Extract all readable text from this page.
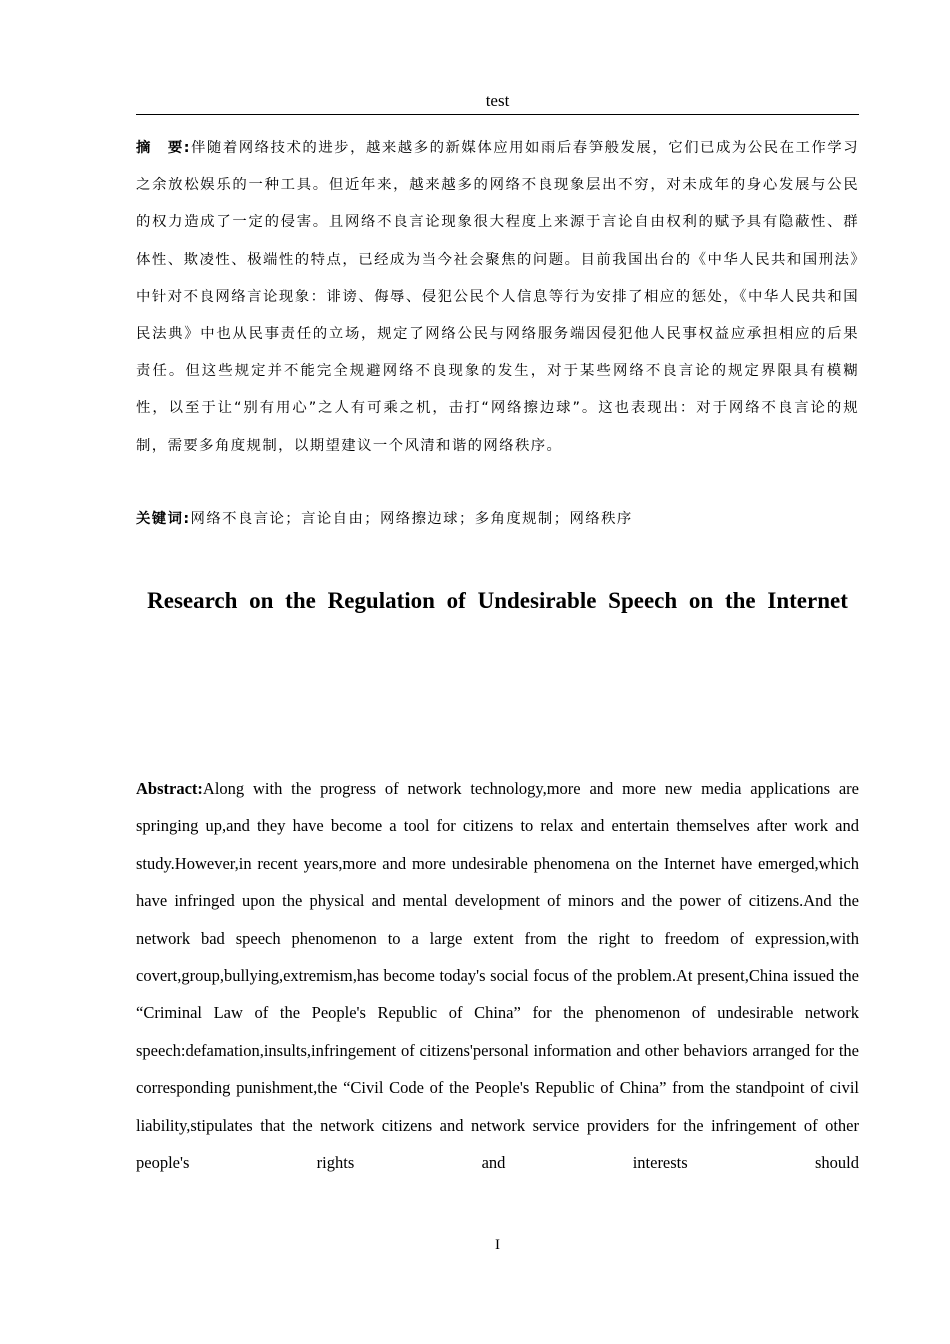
test

摘　要:伴随着网络技术的进步，越来越多的新媒体应用如雨后春笋般发展，它们已成为公民在工作学习之余放松娱乐的一种工具。但近年来，越来越多的网络不良现象层出不穷，对未成年的身心发展与公民的权力造成了一定的侵害。且网络不良言论现象很大程度上来源于言论自由权利的赋予具有隐蔽性、群体性、欺凌性、极端性的特点，已经成为当今社会聚焦的问题。目前我国出台的《中华人民共和国刑法》中针对不良网络言论现象：诽谤、侮辱、侵犯公民个人信息等行为安排了相应的惩处，《中华人民共和国民法典》中也从民事责任的立场，规定了网络公民与网络服务端因侵犯他人民事权益应承担相应的后果责任。但这些规定并不能完全规避网络不良现象的发生，对于某些网络不良言论的规定界限具有模糊性，以至于让“别有用心”之人有可乘之机，击打“网络擦边球”。这也表现出：对于网络不良言论的规制，需要多角度规制，以期望建议一个风清和谐的网络秩序。

关键词:网络不良言论；言论自由；网络擦边球；多角度规制；网络秩序

Research on the Regulation of Undesirable Speech on the Internet

Abstract:Along with the progress of network technology,more and more new media applications are springing up,and they have become a tool for citizens to relax and entertain themselves after work and study.However,in recent years,more and more undesirable phenomena on the Internet have emerged,which have infringed upon the physical and mental development of minors and the power of citizens.And the network bad speech phenomenon to a large extent from the right to freedom of expression,with covert,group,bullying,extremism,has become today's social focus of the problem.At present,China issued the “Criminal Law of the People's Republic of China” for the phenomenon of undesirable network speech:defamation,insults,infringement of citizens'personal information and other behaviors arranged for the corresponding punishment,the “Civil Code of the People's Republic of China” from the standpoint of civil liability,stipulates that the network citizens and network service providers for the infringement of other people's rights and interests should

I
